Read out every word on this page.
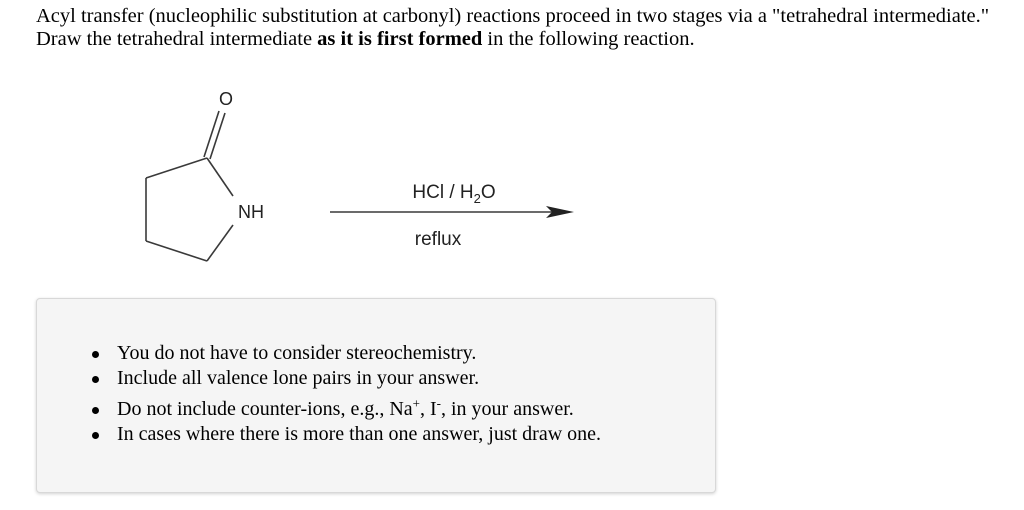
Acyl transfer (nucleophilic substitution at carbonyl) reactions proceed in two stages via a "tetrahedral intermediate." Draw the tetrahedral intermediate as it is first formed in the following reaction.

O
NH
HCl / $H_2O$
reflux
You do not have to consider stereochemistry.
Include all valence lone pairs in your answer.
Do not include counter-ions, e.g., Na+, I-, in your answer.
In cases where there is more than one answer, just draw one.
